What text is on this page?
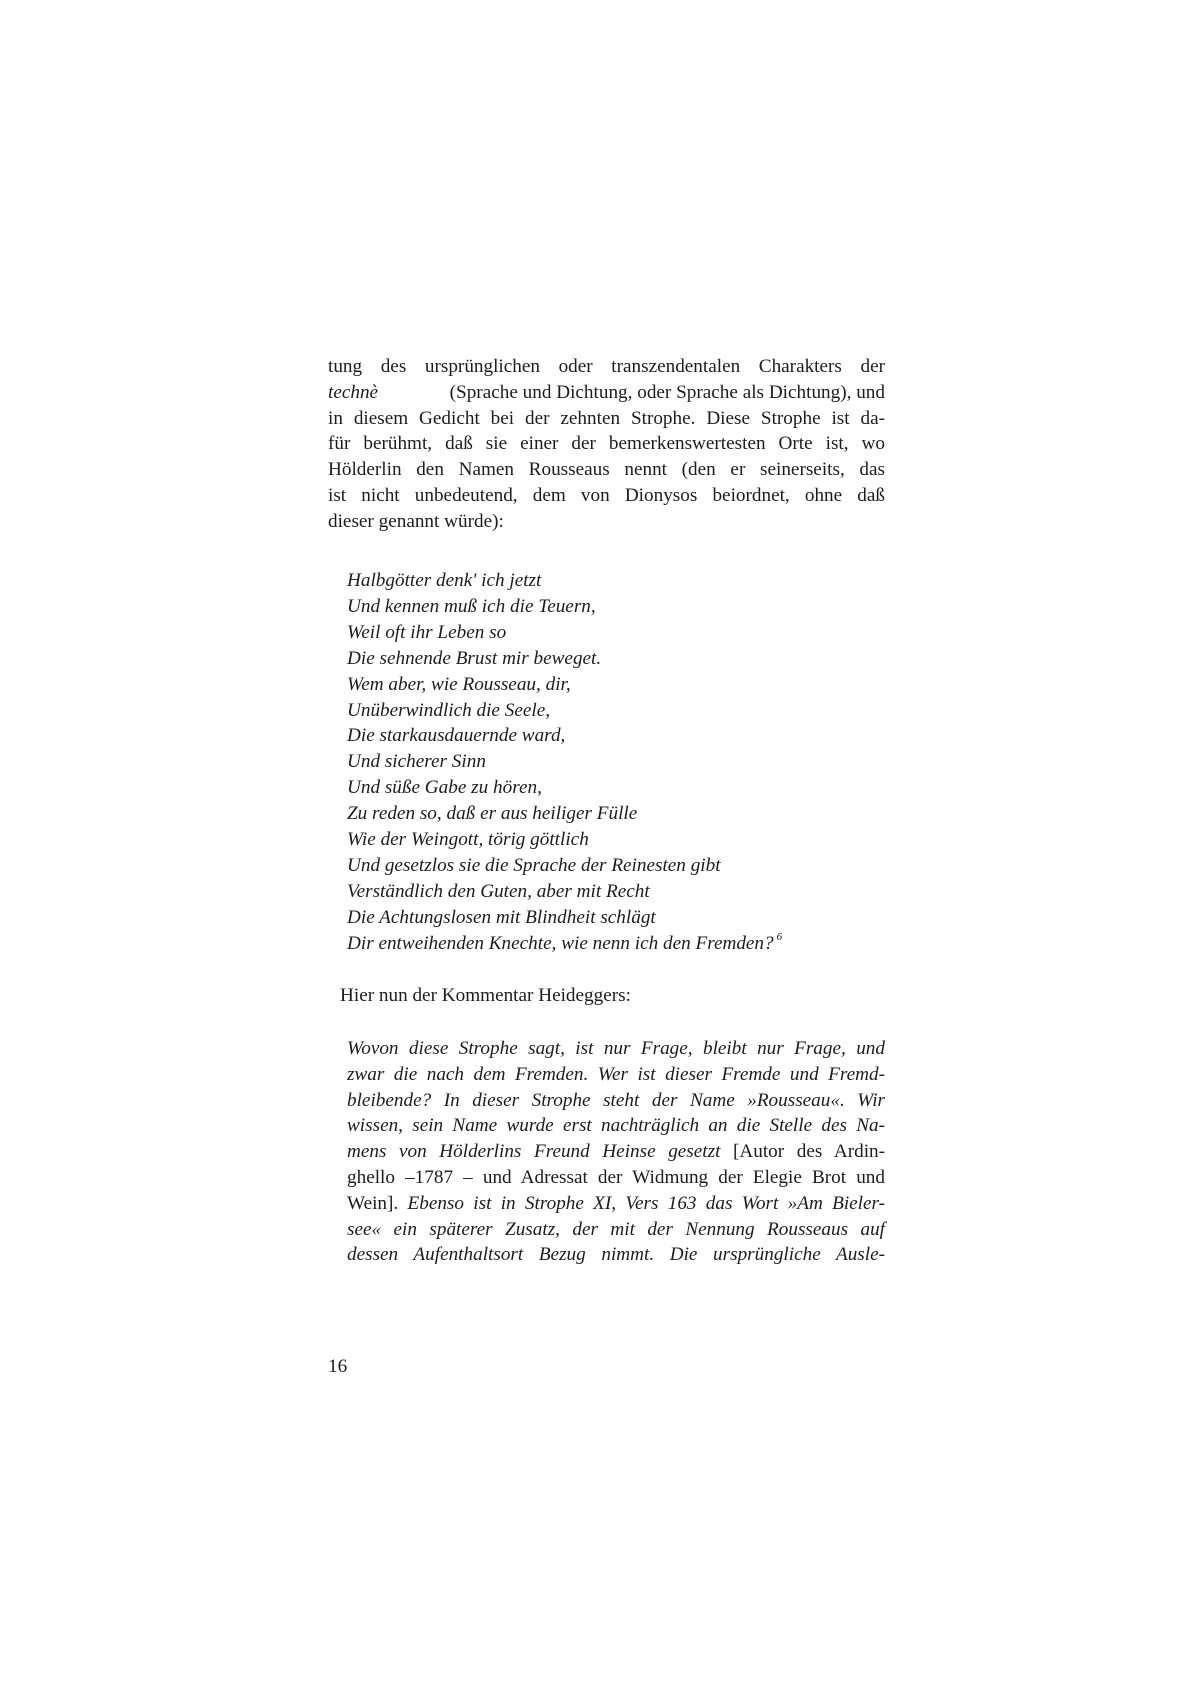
tung des ursprünglichen oder transzendentalen Charakters der
technè	(Sprache und Dichtung, oder Sprache als Dichtung), und
in diesem Gedicht bei der zehnten Strophe. Diese Strophe ist da-
für berühmt, daß sie einer der bemerkenswertesten Orte ist, wo
Hölderlin den Namen Rousseaus nennt (den er seinerseits, das
ist nicht unbedeutend, dem von Dionysos beiordnet, ohne daß
dieser genannt würde):
Halbgötter denk' ich jetzt
Und kennen muß ich die Teuern,
Weil oft ihr Leben so
Die sehnende Brust mir beweget.
Wem aber, wie Rousseau, dir,
Unüberwindlich die Seele,
Die starkausdauernde ward,
Und sicherer Sinn
Und süße Gabe zu hören,
Zu reden so, daß er aus heiliger Fülle
Wie der Weingott, törig göttlich
Und gesetzlos sie die Sprache der Reinesten gibt
Verständlich den Guten, aber mit Recht
Die Achtungslosen mit Blindheit schlägt
Dir entweihenden Knechte, wie nenn ich den Fremden? $^6$
Hier nun der Kommentar Heideggers:
Wovon diese Strophe sagt, ist nur Frage, bleibt nur Frage, und
zwar die nach dem Fremden. Wer ist dieser Fremde und Fremd-
bleibende? In dieser Strophe steht der Name »Rousseau«. Wir
wissen, sein Name wurde erst nachträglich an die Stelle des Na-
mens von Hölderlins Freund Heinse gesetzt [Autor des Ardin-
ghello –1787 – und Adressat der Widmung der Elegie Brot und
Wein]. Ebenso ist in Strophe XI, Vers 163 das Wort »Am Bieler-
see« ein späterer Zusatz, der mit der Nennung Rousseaus auf
dessen Aufenthaltsort Bezug nimmt. Die ursprüngliche Ausle-
16
